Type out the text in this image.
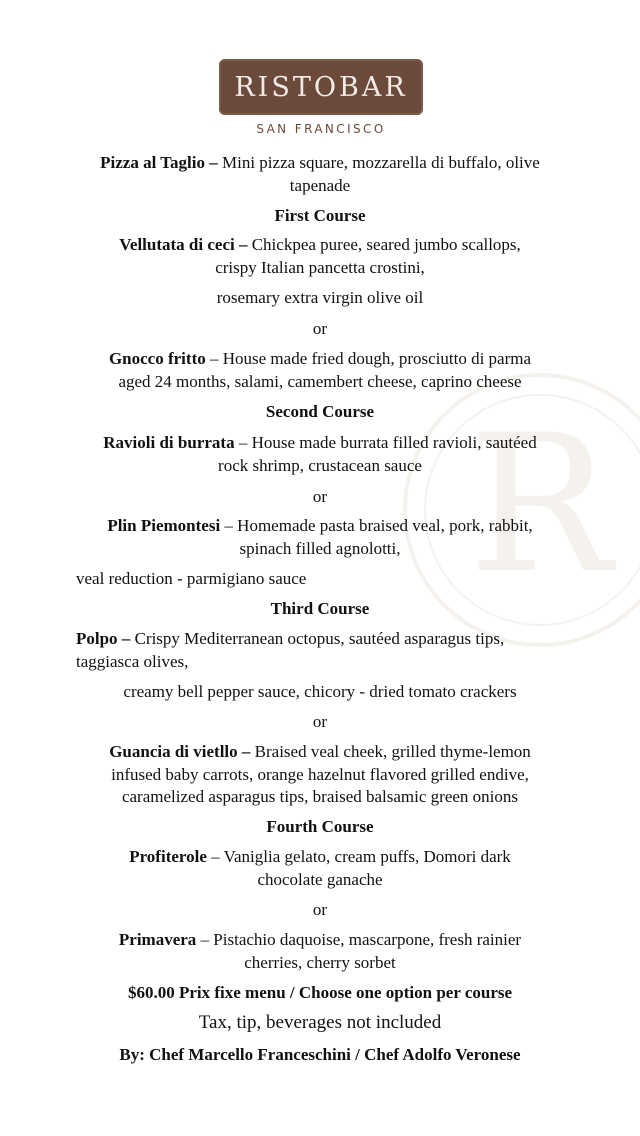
R
RISTOBAR
SAN FRANCISCO
Pizza al Taglio – Mini pizza square, mozzarella di buffalo, olive
tapenade
First Course
Vellutata di ceci – Chickpea puree, seared jumbo scallops,
crispy Italian pancetta crostini,
rosemary extra virgin olive oil
or
Gnocco fritto – House made fried dough, prosciutto di parma
aged 24 months, salami, camembert cheese, caprino cheese
Second Course
Ravioli di burrata – House made burrata filled ravioli, sautéed
rock shrimp, crustacean sauce
or
Plin Piemontesi – Homemade pasta braised veal, pork, rabbit,
spinach filled agnolotti,
veal reduction - parmigiano sauce
Third Course
Polpo – Crispy Mediterranean octopus, sautéed asparagus tips,
taggiasca olives,
creamy bell pepper sauce, chicory - dried tomato crackers
or
Guancia di vietllo – Braised veal cheek, grilled thyme-lemon
infused baby carrots, orange hazelnut flavored grilled endive,
caramelized asparagus tips, braised balsamic green onions
Fourth Course
Profiterole – Vaniglia gelato, cream puffs, Domori dark
chocolate ganache
or
Primavera – Pistachio daquoise, mascarpone, fresh rainier
cherries, cherry sorbet
$60.00 Prix fixe menu / Choose one option per course
Tax, tip, beverages not included
By: Chef Marcello Franceschini / Chef Adolfo Veronese
